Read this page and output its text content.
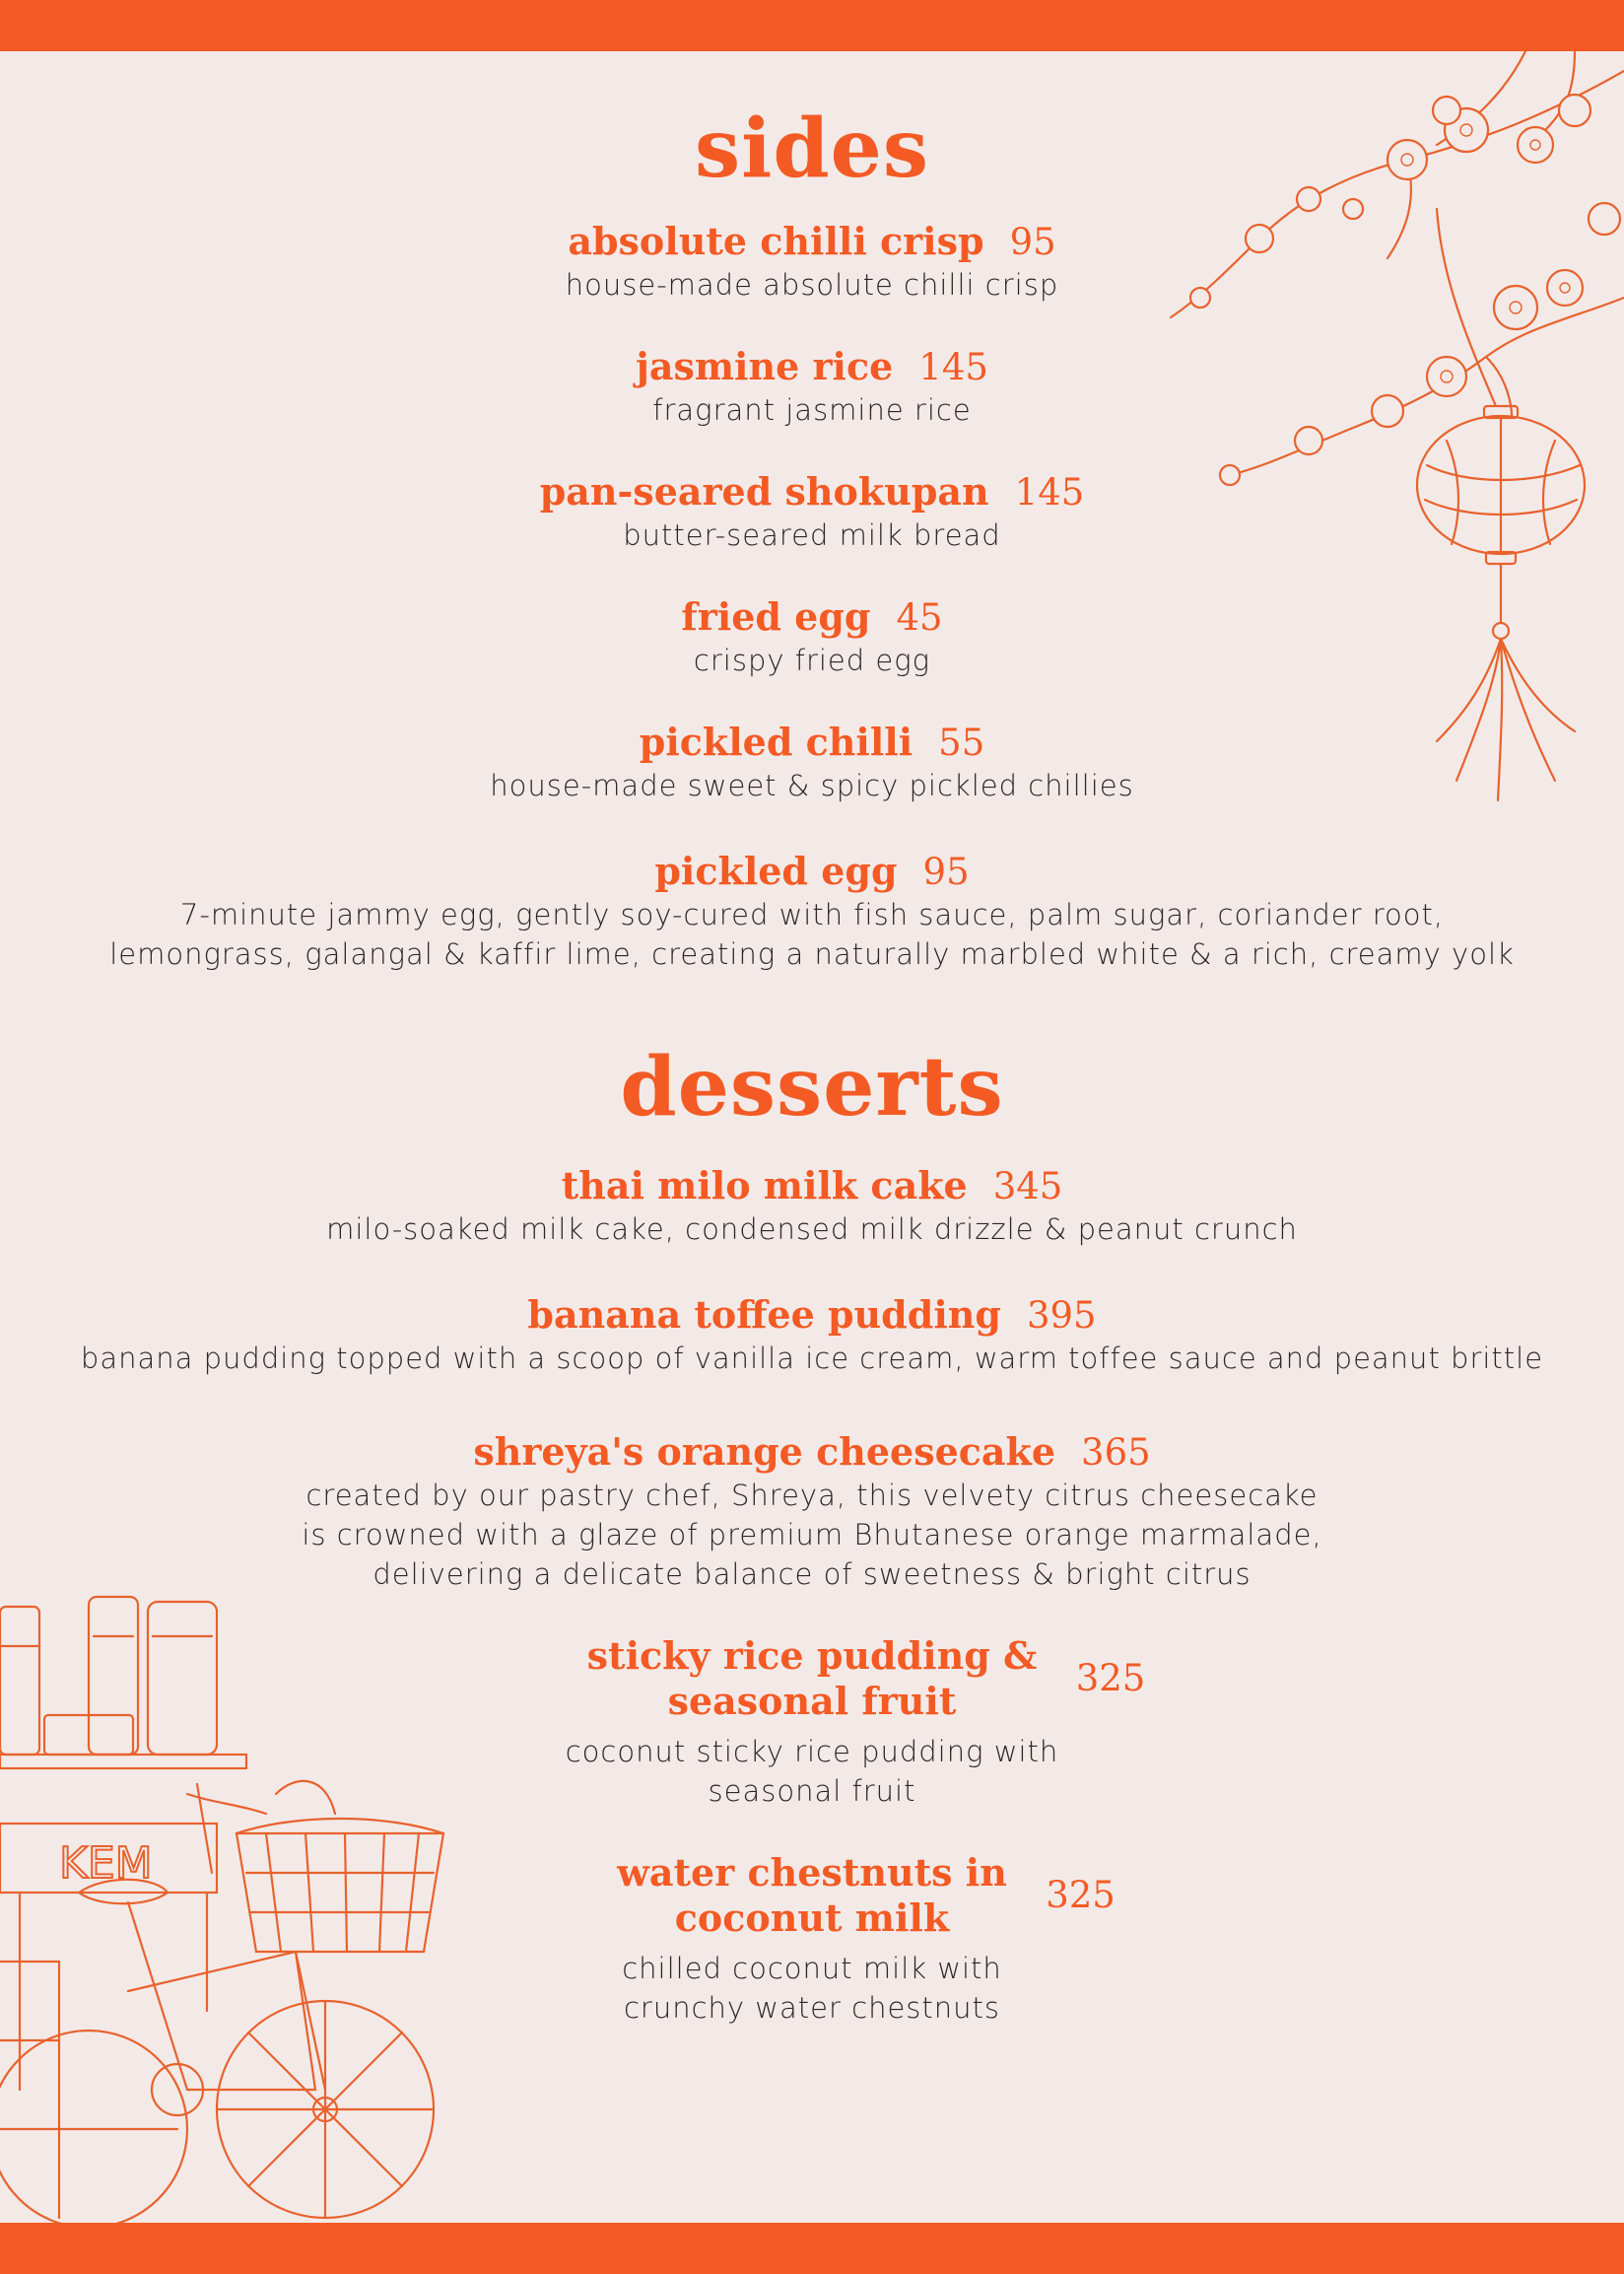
KEM
sides
absolute chilli crisp 95
house-made absolute chilli crisp
jasmine rice 145
fragrant jasmine rice
pan-seared shokupan 145
butter-seared milk bread
fried egg 45
crispy fried egg
pickled chilli 55
house-made sweet & spicy pickled chillies
pickled egg 95
7-minute jammy egg, gently soy-cured with fish sauce, palm sugar, coriander root,
lemongrass, galangal & kaffir lime, creating a naturally marbled white & a rich, creamy yolk
desserts
thai milo milk cake 345
milo-soaked milk cake, condensed milk drizzle & peanut crunch
banana toffee pudding 395
banana pudding topped with a scoop of vanilla ice cream, warm toffee sauce and peanut brittle
shreya's orange cheesecake 365
created by our pastry chef, Shreya, this velvety citrus cheesecake
is crowned with a glaze of premium Bhutanese orange marmalade,
delivering a delicate balance of sweetness & bright citrus
sticky rice pudding &
seasonal fruit
325
coconut sticky rice pudding with
seasonal fruit
water chestnuts in
coconut milk
325
chilled coconut milk with
crunchy water chestnuts
